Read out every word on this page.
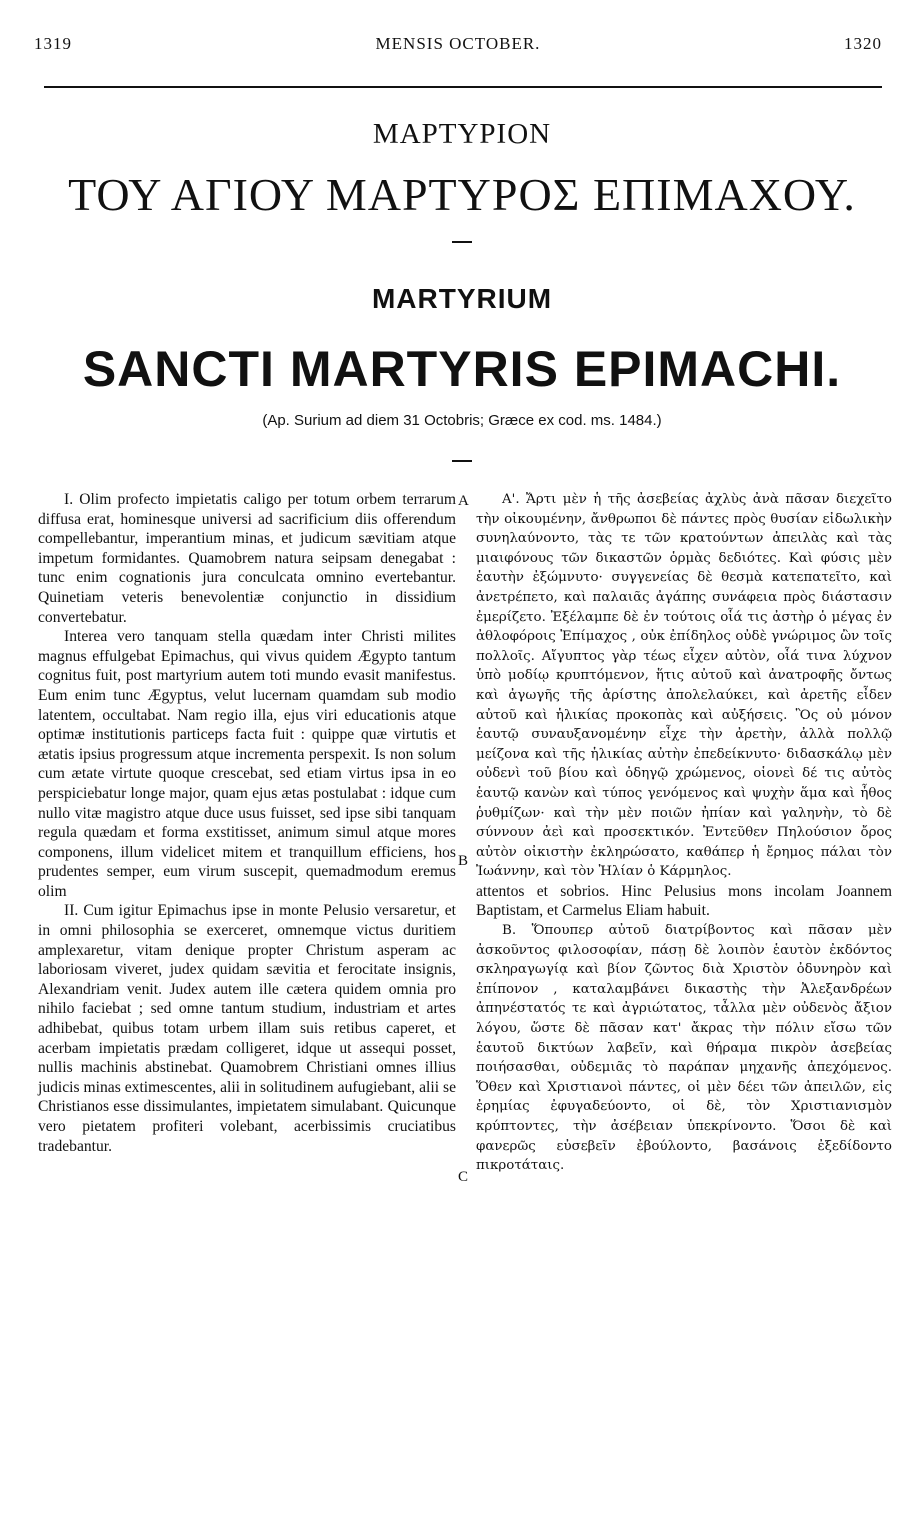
1319	MENSIS OCTOBER.	1320
ΜΑΡΤΥΡΙΟΝ
ΤΟΥ ΑΓΙΟΥ ΜΑΡΤΥΡΟΣ ΕΠΙΜΑΧΟΥ.
MARTYRIUM
SANCTI MARTYRIS EPIMACHI.
(Ap. Surium ad diem 31 Octobris; Græce ex cod. ms. 1484.)
A
B
C

I. Olim profecto impietatis caligo per totum orbem terrarum diffusa erat, hominesque universi ad sacrificium diis offerendum compellebantur, imperantium minas, et judicum sævitiam atque impetum formidantes. Quamobrem natura seipsam denegabat : tunc enim cognationis jura conculcata omnino evertebantur. Quinetiam veteris benevolentiæ conjunctio in dissidium convertebatur.

Interea vero tanquam stella quædam inter Christi milites magnus effulgebat Epimachus, qui vivus quidem Ægypto tantum cognitus fuit, post martyrium autem toti mundo evasit manifestus. Eum enim tunc Ægyptus, velut lucernam quamdam sub modio latentem, occultabat. Nam regio illa, ejus viri educationis atque optimæ institutionis particeps facta fuit : quippe quæ virtutis et ætatis ipsius progressum atque incrementa perspexit. Is non solum cum ætate virtute quoque crescebat, sed etiam virtus ipsa in eo perspiciebatur longe major, quam ejus ætas postulabat : idque cum nullo vitæ magistro atque duce usus fuisset, sed ipse sibi tanquam regula quædam et forma exstitisset, animum simul atque mores componens, illum videlicet mitem et tranquillum efficiens, hos prudentes semper, eum virum suscepit, quemadmodum eremus olim

II. Cum igitur Epimachus ipse in monte Pelusio versaretur, et in omni philosophia se exerceret, omnemque victus duritiem amplexaretur, vitam denique propter Christum asperam ac laboriosam viveret, judex quidam sævitia et ferocitate insignis, Alexandriam venit. Judex autem ille cætera quidem omnia pro nihilo faciebat ; sed omne tantum studium, industriam et artes adhibebat, quibus totam urbem illam suis retibus caperet, et acerbam impietatis prædam colligeret, idque ut assequi posset, nullis machinis abstinebat. Quamobrem Christiani omnes illius judicis minas extimescentes, alii in solitudinem aufugiebant, alii se Christianos esse dissimulantes, impietatem simulabant. Quicunque vero pietatem profiteri volebant, acerbissimis cruciatibus tradebantur.

Α'. Ἄρτι μὲν ἡ τῆς ἀσεβείας ἀχλὺς ἀνὰ πᾶσαν διεχεῖτο τὴν οἰκουμένην, ἄνθρωποι δὲ πάντες πρὸς θυσίαν εἰδωλικὴν συνηλαύνοντο, τὰς τε τῶν κρατούντων ἀπειλὰς καὶ τὰς μιαιφόνους τῶν δικαστῶν ὁρμὰς δεδιότες. Καὶ φύσις μὲν ἑαυτὴν ἐξώμνυτο· συγγενείας δὲ θεσμὰ κατεπατεῖτο, καὶ ἀνετρέπετο, καὶ παλαιᾶς ἀγάπης συνάφεια πρὸς διάστασιν ἐμερίζετο. Ἐξέλαμπε δὲ ἐν τούτοις οἷά τις ἀστὴρ ὁ μέγας ἐν ἀθλοφόροις Ἐπίμαχος , οὐκ ἐπίδηλος οὐδὲ γνώριμος ὢν τοῖς πολλοῖς. Αἴγυπτος γὰρ τέως εἶχεν αὐτὸν, οἷά τινα λύχνον ὑπὸ μοδίῳ κρυπτόμενον, ἥτις αὐτοῦ καὶ ἀνατροφῆς ὄντως καὶ ἀγωγῆς τῆς ἀρίστης ἀπολελαύκει, καὶ ἀρετῆς εἶδεν αὐτοῦ καὶ ἡλικίας προκοπὰς καὶ αὐξήσεις. Ὃς οὐ μόνον ἑαυτῷ συναυξανομένην εἶχε τὴν ἀρετὴν, ἀλλὰ πολλῷ μείζονα καὶ τῆς ἡλικίας αὐτὴν ἐπεδείκνυτο· διδασκάλῳ μὲν οὐδενὶ τοῦ βίου καὶ ὁδηγῷ χρώμενος, οἱονεὶ δέ τις αὐτὸς ἑαυτῷ κανὼν καὶ τύπος γενόμενος καὶ ψυχὴν ἅμα καὶ ἦθος ῥυθμίζων· καὶ τὴν μὲν ποιῶν ἠπίαν καὶ γαληνὴν, τὸ δὲ σύννουν ἀεὶ καὶ προσεκτικόν. Ἐντεῦθεν Πηλούσιον ὄρος αὐτὸν οἰκιστὴν ἐκληρώσατο, καθάπερ ἡ ἔρημος πάλαι τὸν Ἰωάννην, καὶ τὸν Ἠλίαν ὁ Κάρμηλος.

attentos et sobrios. Hinc Pelusius mons incolam Joannem Baptistam, et Carmelus Eliam habuit.

Β. Ὅπουπερ αὐτοῦ διατρίβοντος καὶ πᾶσαν μὲν ἀσκοῦντος φιλοσοφίαν, πάσῃ δὲ λοιπὸν ἑαυτὸν ἐκδόντος σκληραγωγίᾳ καὶ βίον ζῶντος διὰ Χριστὸν ὀδυνηρὸν καὶ ἐπίπονον , καταλαμβάνει δικαστὴς τὴν Ἀλεξανδρέων ἀπηνέστατός τε καὶ ἀγριώτατος, τἆλλα μὲν οὐδενὸς ἄξιον λόγου, ὥστε δὲ πᾶσαν κατ' ἄκρας τὴν πόλιν εἴσω τῶν ἑαυτοῦ δικτύων λαβεῖν, καὶ θήραμα πικρὸν ἀσεβείας ποιήσασθαι, οὐδεμιᾶς τὸ παράπαν μηχανῆς ἀπεχόμενος. Ὅθεν καὶ Χριστιανοὶ πάντες, οἱ μὲν δέει τῶν ἀπειλῶν, εἰς ἐρημίας ἐφυγαδεύοντο, οἱ δὲ, τὸν Χριστιανισμὸν κρύπτοντες, τὴν ἀσέβειαν ὑπεκρίνοντο. Ὅσοι δὲ καὶ φανερῶς εὐσεβεῖν ἐβούλοντο, βασάνοις ἐξεδίδοντο πικροτάταις.
